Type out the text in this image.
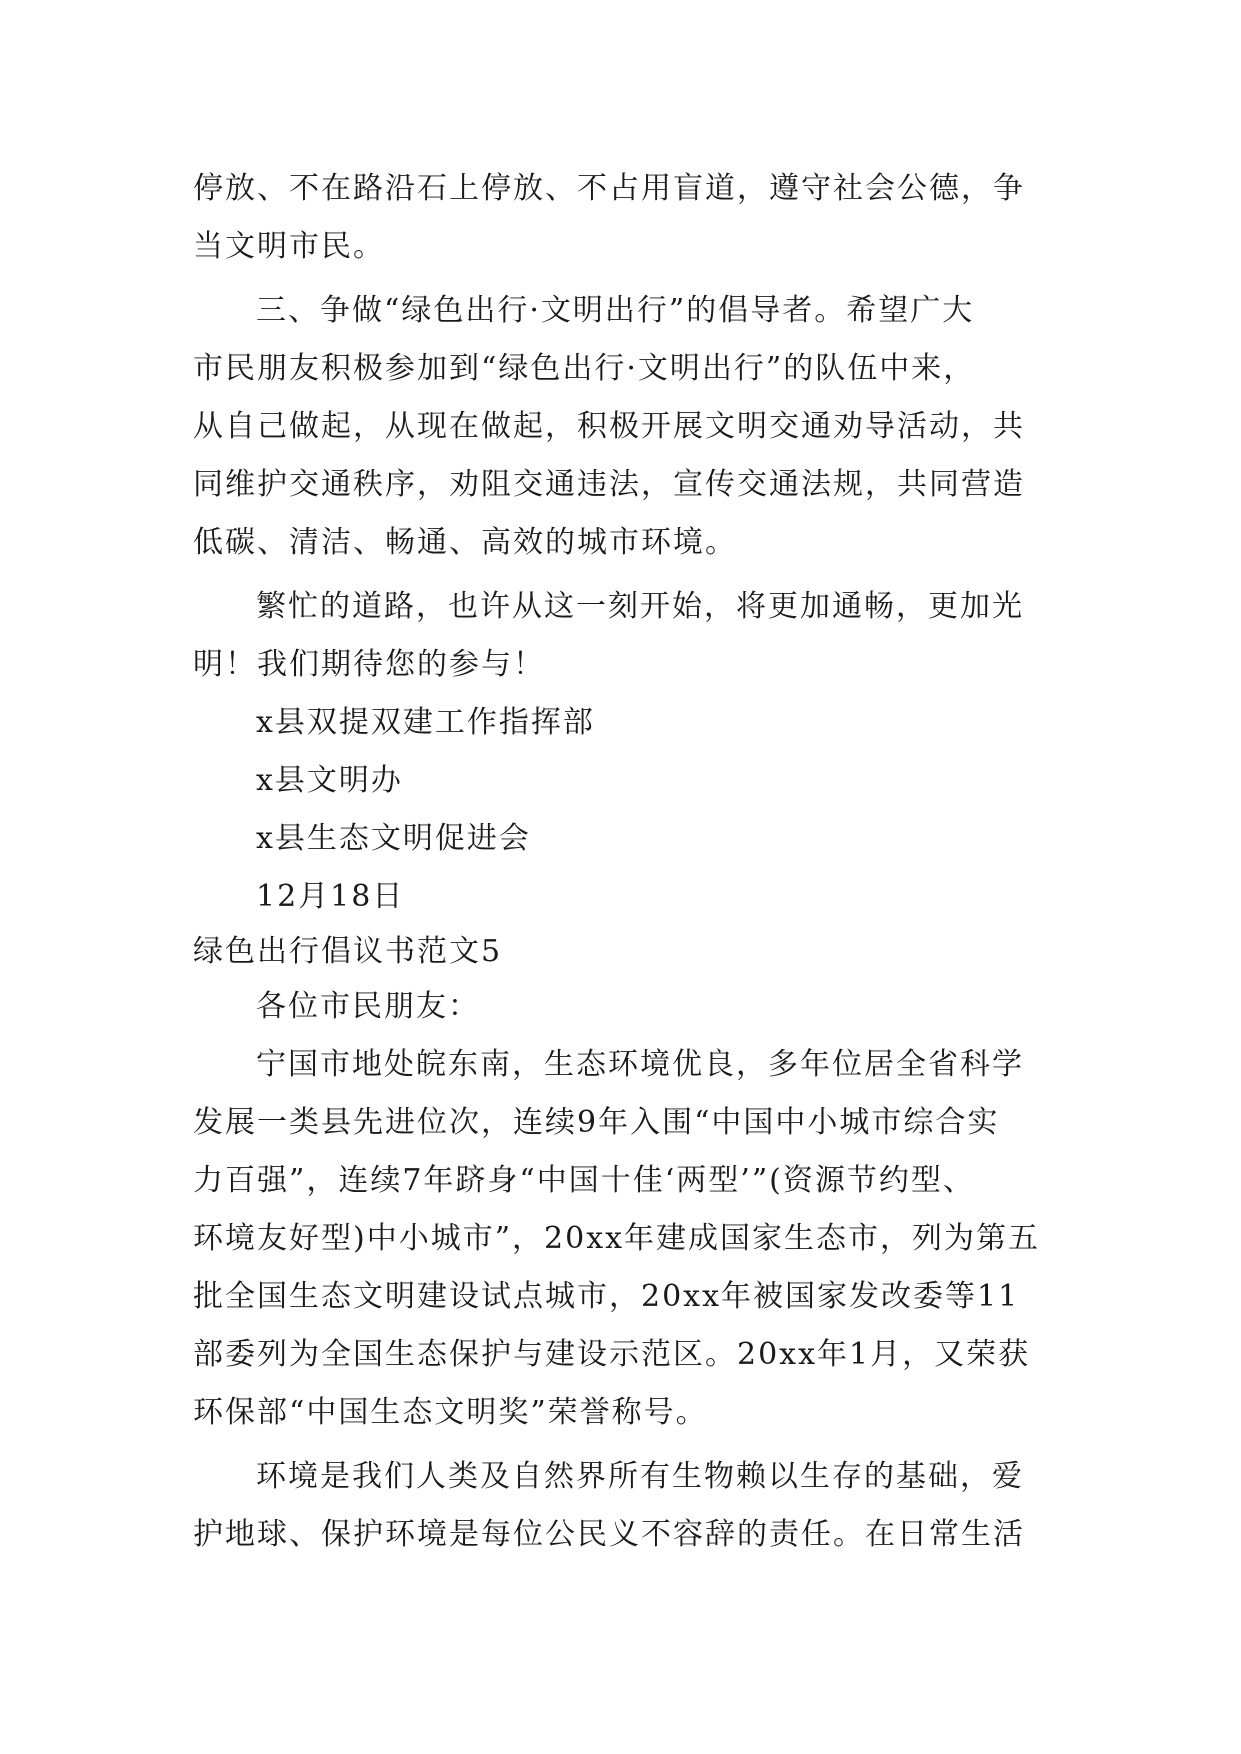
停放、不在路沿石上停放、不占用盲道，遵守社会公德，争
当文明市民。
三、争做“绿色出行·文明出行”的倡导者。希望广大
市民朋友积极参加到“绿色出行·文明出行”的队伍中来，
从自己做起，从现在做起，积极开展文明交通劝导活动，共
同维护交通秩序，劝阻交通违法，宣传交通法规，共同营造
低碳、清洁、畅通、高效的城市环境。
繁忙的道路，也许从这一刻开始，将更加通畅，更加光
明！我们期待您的参与！
x县双提双建工作指挥部
x县文明办
x县生态文明促进会
12月18日
绿色出行倡议书范文5
各位市民朋友：
宁国市地处皖东南，生态环境优良，多年位居全省科学
发展一类县先进位次，连续9年入围“中国中小城市综合实
力百强”，连续7年跻身“中国十佳‘两型’”(资源节约型、
环境友好型)中小城市”，20xx年建成国家生态市，列为第五
批全国生态文明建设试点城市，20xx年被国家发改委等11
部委列为全国生态保护与建设示范区。20xx年1月，又荣获
环保部“中国生态文明奖”荣誉称号。
环境是我们人类及自然界所有生物赖以生存的基础，爱
护地球、保护环境是每位公民义不容辞的责任。在日常生活
